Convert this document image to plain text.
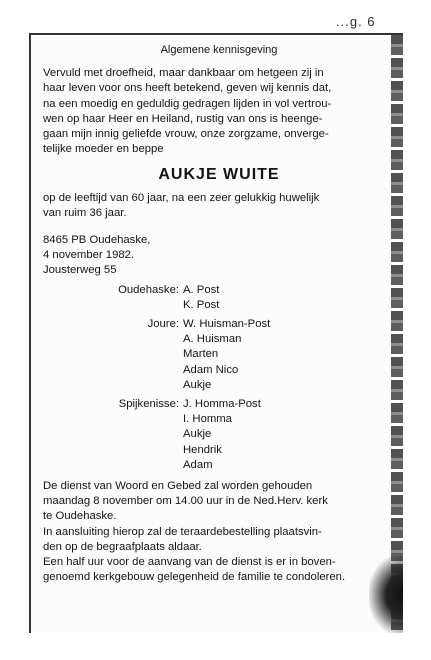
...g. 6
Algemene kennisgeving

Vervuld met droefheid, maar dankbaar om hetgeen zij in

haar leven voor ons heeft betekend, geven wij kennis dat,

na een moedig en geduldig gedragen lijden in vol vertrou-

wen op haar Heer en Heiland, rustig van ons is heenge-

gaan mijn innig geliefde vrouw, onze zorgzame, onverge-

telijke moeder en beppe

AUKJE WUITE

op de leeftijd van 60 jaar, na een zeer gelukkig huwelijk

van ruim 36 jaar.

8465 PB Oudehaske,

4 november 1982.

Jousterweg 55

Oudehaske: A. Post

K. Post

Joure: W. Huisman-Post

A. Huisman

Marten

Adam Nico

Aukje

Spijkenisse: J. Homma-Post

I. Homma

Aukje

Hendrik

Adam

De dienst van Woord en Gebed zal worden gehouden

maandag 8 november om 14.00 uur in de Ned.Herv. kerk

te Oudehaske.

In aansluiting hierop zal de teraardebestelling plaatsvin-

den op de begraafplaats aldaar.

Een half uur voor de aanvang van de dienst is er in boven-

genoemd kerkgebouw gelegenheid de familie te condoleren.
